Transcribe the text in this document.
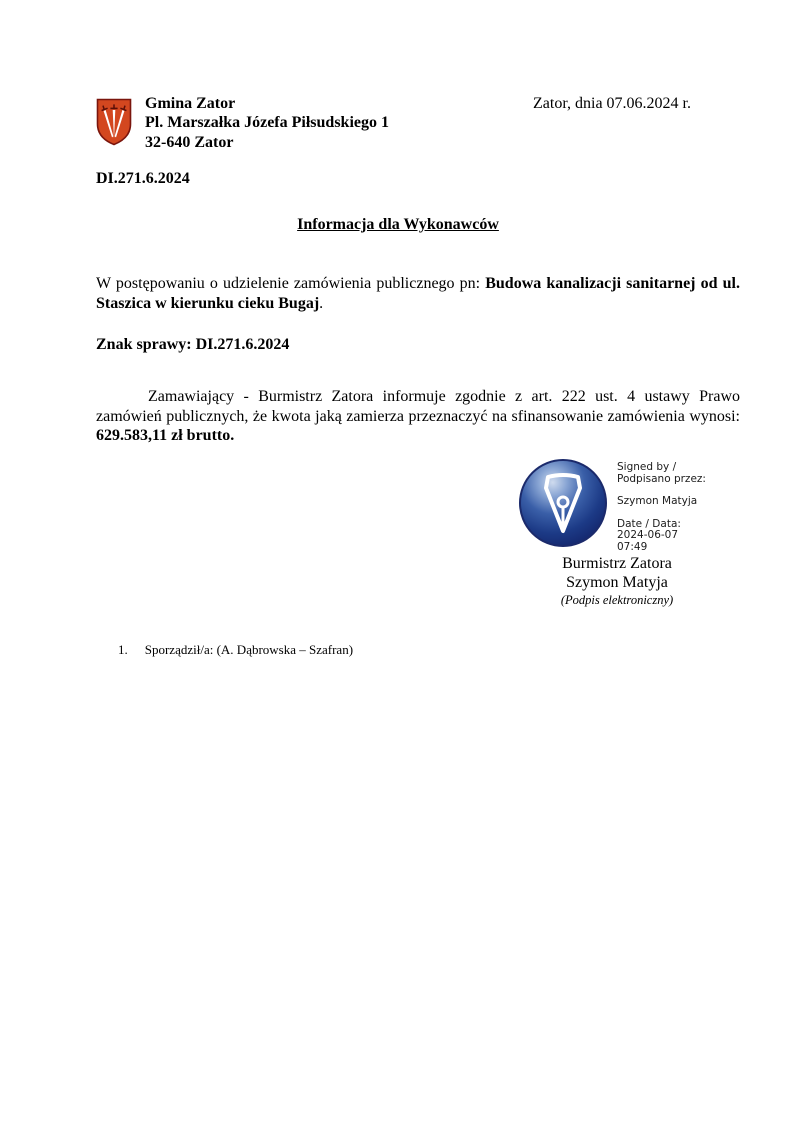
Gmina Zator
Pl. Marszałka Józefa Piłsudskiego 1
32-640 Zator
Zator, dnia 07.06.2024 r.
DI.271.6.2024
Informacja dla Wykonawców

W postępowaniu o udzielenie zamówienia publicznego pn: Budowa kanalizacji sanitarnej od ul. Staszica w kierunku cieku Bugaj.

Znak sprawy: DI.271.6.2024

Zamawiający - Burmistrz Zatora informuje zgodnie z art. 222 ust. 4 ustawy Prawo zamówień publicznych, że kwota jaką zamierza przeznaczyć na sfinansowanie zamówienia wynosi: 629.583,11 zł brutto.

Signed by /
Podpisano przez:
Szymon Matyja
Date / Data:
2024-06-07
07:49
Burmistrz Zatora
Szymon Matyja
(Podpis elektroniczny)
1. Sporządził/a: (A. Dąbrowska – Szafran)
